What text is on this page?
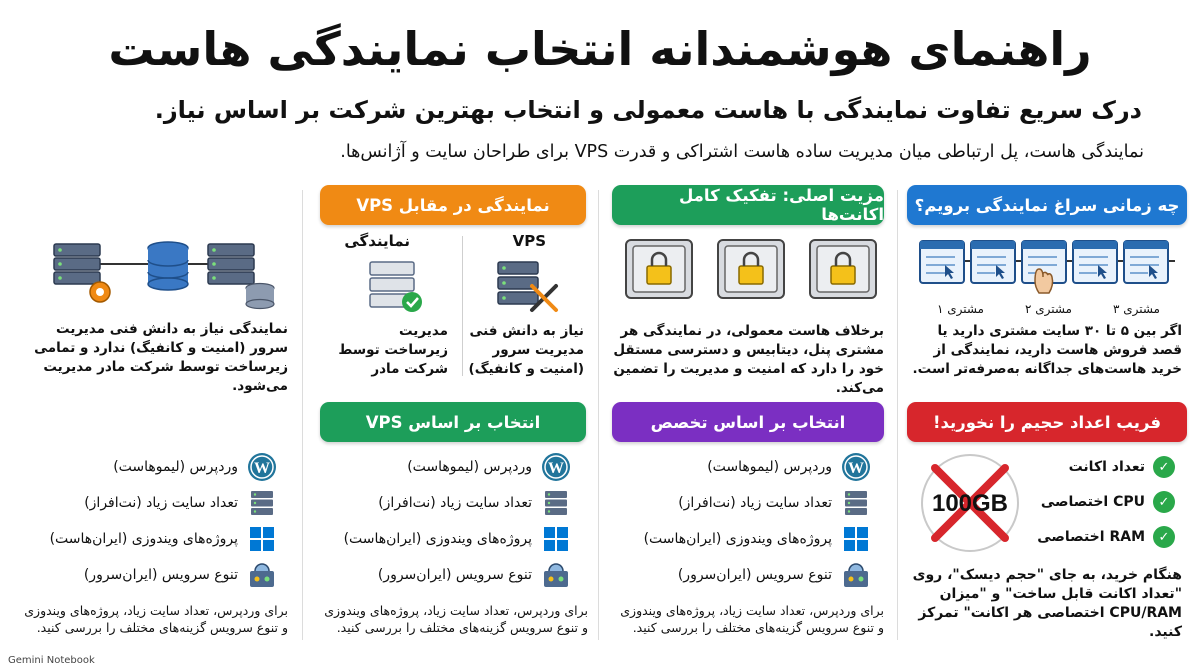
راهنمای هوشمندانه انتخاب نمایندگی هاست
درک سریع تفاوت نمایندگی با هاست معمولی و انتخاب بهترین شرکت بر اساس نیاز.
نمایندگی هاست، پل ارتباطی میان مدیریت ساده هاست اشتراکی و قدرت VPS برای طراحان سایت و آژانس‌ها.
چه زمانی سراغ نمایندگی برویم؟
اگر بین ۵ تا ۳۰ سایت مشتری دارید یا قصد فروش هاست دارید، نمایندگی از خرید هاست‌های جداگانه به‌صرفه‌تر است.
فریب اعداد حجیم را نخورید!
100GB
✓
تعداد اکانت
✓
CPU اختصاصی
✓
RAM اختصاصی
هنگام خرید، به جای "حجم دیسک"، روی "تعداد اکانت قابل ساخت" و "میزان CPU/RAM اختصاصی هر اکانت" تمرکز کنید.
مزیت اصلی: تفکیک کامل اکانت‌ها
مشتری ۳
مشتری ۲
مشتری ۱
برخلاف هاست معمولی، در نمایندگی هر مشتری پنل، دیتابیس و دسترسی مستقل خود را دارد که امنیت و مدیریت را تضمین می‌کند.
انتخاب بر اساس تخصص
W
وردپرس (لیموهاست)
تعداد سایت زیاد (نت‌افراز)
پروژه‌های ویندوزی (ایران‌هاست)
تنوع سرویس (ایران‌سرور)
برای وردپرس، تعداد سایت زیاد، پروژه‌های ویندوزی و تنوع سرویس گزینه‌های مختلف را بررسی کنید.
نمایندگی در مقابل VPS
VPS
نیاز به دانش فنی مدیریت سرور (امنیت و کانفیگ)
نمایندگی
مدیریت زیرساخت توسط شرکت مادر
انتخاب بر اساس VPS
W
وردپرس (لیموهاست)
تعداد سایت زیاد (نت‌افراز)
پروژه‌های ویندوزی (ایران‌هاست)
تنوع سرویس (ایران‌سرور)
برای وردپرس، تعداد سایت زیاد، پروژه‌های ویندوزی و تنوع سرویس گزینه‌های مختلف را بررسی کنید.
نمایندگی نیاز به دانش فنی مدیریت سرور (امنیت و کانفیگ) ندارد و تمامی زیرساخت توسط شرکت مادر مدیریت می‌شود.
W
وردپرس (لیموهاست)
تعداد سایت زیاد (نت‌افراز)
پروژه‌های ویندوزی (ایران‌هاست)
تنوع سرویس (ایران‌سرور)
برای وردپرس، تعداد سایت زیاد، پروژه‌های ویندوزی و تنوع سرویس گزینه‌های مختلف را بررسی کنید.
Gemini Notebook
